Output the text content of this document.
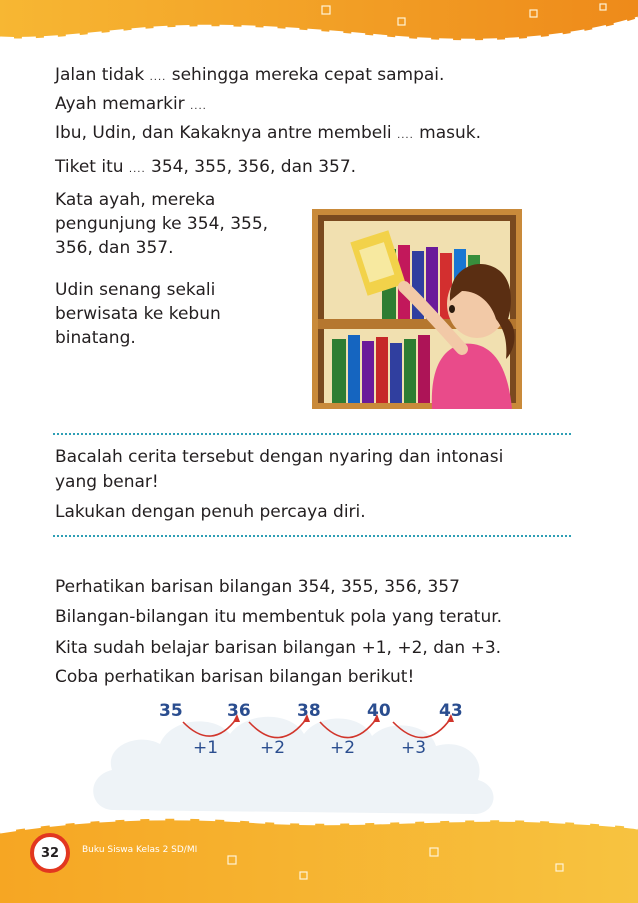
Jalan tidak .... sehingga mereka cepat sampai.
Ayah memarkir ....
Ibu, Udin, dan Kakaknya antre membeli .... masuk.
Tiket itu .... 354, 355, 356, dan 357.
Kata ayah, mereka pengunjung ke 354, 355, 356, dan 357.
Udin senang sekali berwisata ke kebun binatang.
Bacalah cerita tersebut dengan nyaring dan intonasi
yang benar!
Lakukan dengan penuh percaya diri.
Perhatikan barisan bilangan 354, 355, 356, 357
Bilangan-bilangan itu membentuk pola yang teratur.
Kita sudah belajar barisan bilangan +1, +2, dan +3.
Coba perhatikan barisan bilangan berikut!
35	36	38	40	43
+1 +2	+2	+3
32	Buku Siswa Kelas 2 SD/MI
